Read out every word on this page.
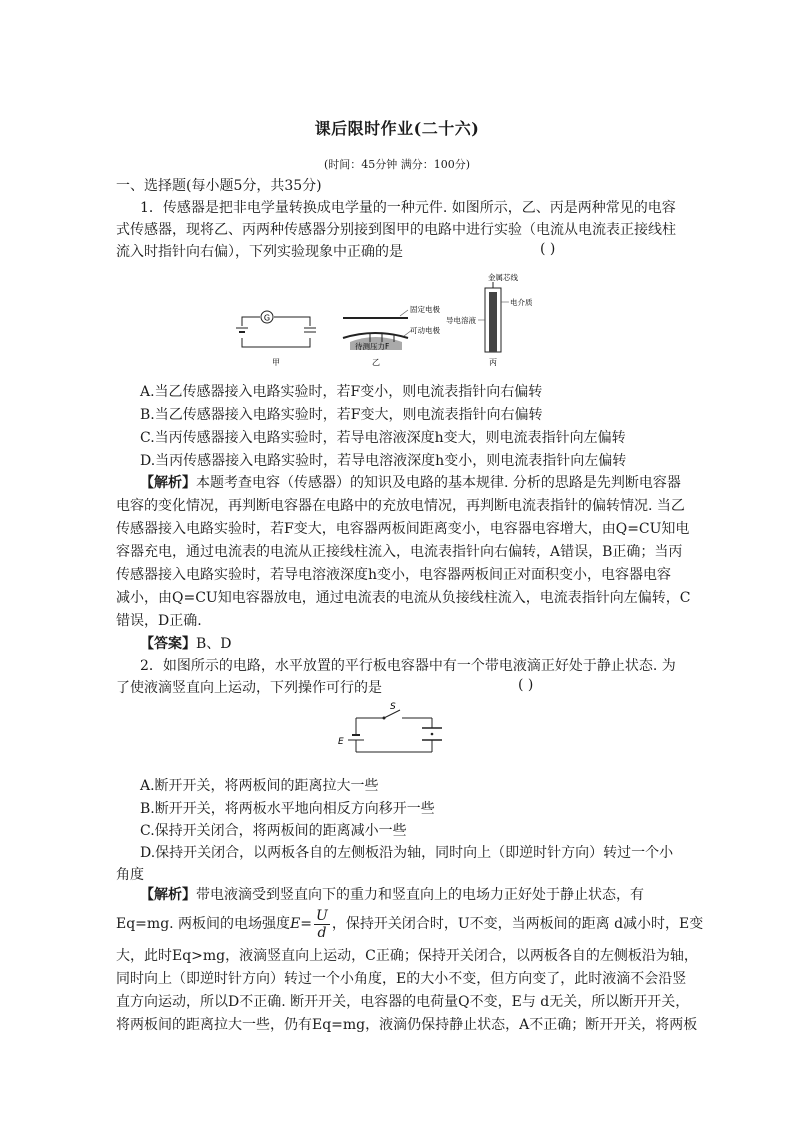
课后限时作业(二十六)
(时间：45分钟 满分：100分)
一、选择题(每小题5分，共35分)
1．传感器是把非电学量转换成电学量的一种元件. 如图所示，乙、丙是两种常见的电容
式传感器，现将乙、丙两种传感器分别接到图甲的电路中进行实验（电流从电流表正接线柱
流入时指针向右偏），下列实验现象中正确的是	( )
G
甲
固定电极
可动电极
待测压力F
乙
金属芯线
电介质
导电溶液
丙
A.当乙传感器接入电路实验时，若F变小，则电流表指针向右偏转
B.当乙传感器接入电路实验时，若F变大，则电流表指针向右偏转
C.当丙传感器接入电路实验时，若导电溶液深度h变大，则电流表指针向左偏转
D.当丙传感器接入电路实验时，若导电溶液深度h变小，则电流表指针向左偏转
【解析】本题考查电容（传感器）的知识及电路的基本规律. 分析的思路是先判断电容器
电容的变化情况，再判断电容器在电路中的充放电情况，再判断电流表指针的偏转情况. 当乙
传感器接入电路实验时，若F变大，电容器两板间距离变小，电容器电容增大，由Q=CU知电
容器充电，通过电流表的电流从正接线柱流入，电流表指针向右偏转，A错误，B正确；当丙
传感器接入电路实验时，若导电溶液深度h变小，电容器两板间正对面积变小，电容器电容
减小，由Q=CU知电容器放电，通过电流表的电流从负接线柱流入，电流表指针向左偏转，C
错误，D正确.
【答案】B、D
2．如图所示的电路，水平放置的平行板电容器中有一个带电液滴正好处于静止状态. 为
了使液滴竖直向上运动，下列操作可行的是	( )
S
E
A.断开开关，将两板间的距离拉大一些
B.断开开关，将两板水平地向相反方向移开一些
C.保持开关闭合，将两板间的距离减小一些
D.保持开关闭合，以两板各自的左侧板沿为轴，同时向上（即逆时针方向）转过一个小
角度
【解析】带电液滴受到竖直向下的重力和竖直向上的电场力正好处于静止状态，有
Eq=mg. 两板间的电场强度$E= \frac{U}{d}$ ，保持开关闭合时，U不变，当两板间的距离 d减小时，E变
大，此时Eq>mg，液滴竖直向上运动，C正确；保持开关闭合，以两板各自的左侧板沿为轴，
同时向上（即逆时针方向）转过一个小角度，E的大小不变，但方向变了，此时液滴不会沿竖
直方向运动，所以D不正确. 断开开关，电容器的电荷量Q不变，E与 d无关，所以断开开关，
将两板间的距离拉大一些，仍有Eq=mg，液滴仍保持静止状态，A不正确；断开开关，将两板
